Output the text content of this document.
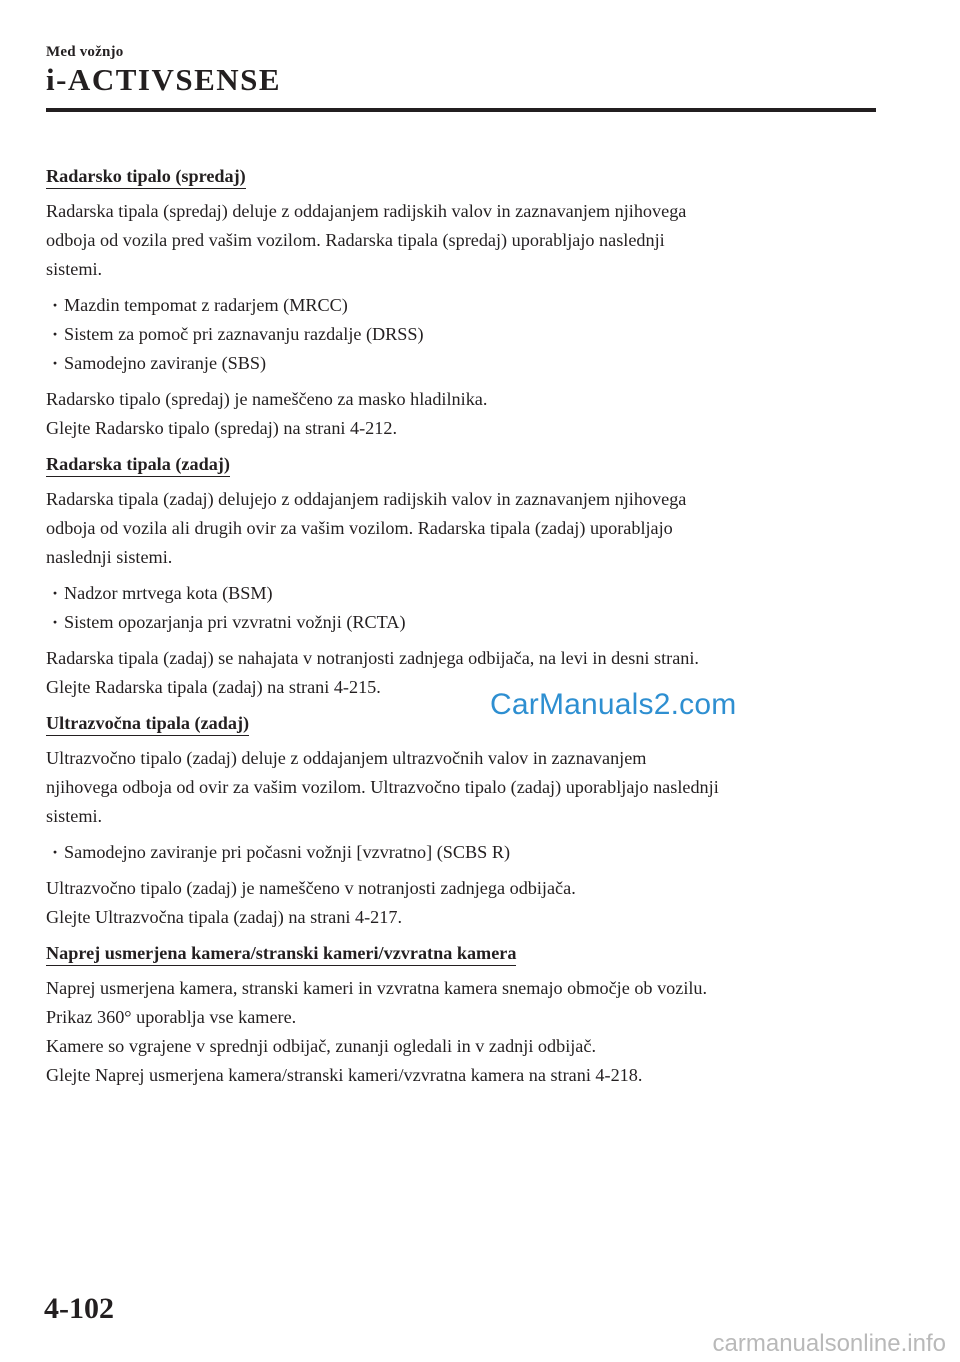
Med vožnjo
i-ACTIVSENSE
Radarsko tipalo (spredaj)
Radarska tipala (spredaj) deluje z oddajanjem radijskih valov in zaznavanjem njihovega
odboja od vozila pred vašim vozilom. Radarska tipala (spredaj) uporabljajo naslednji
sistemi.
· Mazdin tempomat z radarjem (MRCC)
· Sistem za pomoč pri zaznavanju razdalje (DRSS)
· Samodejno zaviranje (SBS)
Radarsko tipalo (spredaj) je nameščeno za masko hladilnika.
Glejte Radarsko tipalo (spredaj) na strani 4-212.
Radarska tipala (zadaj)
Radarska tipala (zadaj) delujejo z oddajanjem radijskih valov in zaznavanjem njihovega
odboja od vozila ali drugih ovir za vašim vozilom. Radarska tipala (zadaj) uporabljajo
naslednji sistemi.
· Nadzor mrtvega kota (BSM)
· Sistem opozarjanja pri vzvratni vožnji (RCTA)
Radarska tipala (zadaj) se nahajata v notranjosti zadnjega odbijača, na levi in desni strani.
Glejte Radarska tipala (zadaj) na strani 4-215.
Ultrazvočna tipala (zadaj)
Ultrazvočno tipalo (zadaj) deluje z oddajanjem ultrazvočnih valov in zaznavanjem
njihovega odboja od ovir za vašim vozilom. Ultrazvočno tipalo (zadaj) uporabljajo naslednji
sistemi.
· Samodejno zaviranje pri počasni vožnji [vzvratno] (SCBS R)
Ultrazvočno tipalo (zadaj) je nameščeno v notranjosti zadnjega odbijača.
Glejte Ultrazvočna tipala (zadaj) na strani 4-217.
Naprej usmerjena kamera/stranski kameri/vzvratna kamera
Naprej usmerjena kamera, stranski kameri in vzvratna kamera snemajo območje ob vozilu.
Prikaz 360° uporablja vse kamere.
Kamere so vgrajene v sprednji odbijač, zunanji ogledali in v zadnji odbijač.
Glejte Naprej usmerjena kamera/stranski kameri/vzvratna kamera na strani 4-218.
CarManuals2.com
4-102
carmanualsonline.info
